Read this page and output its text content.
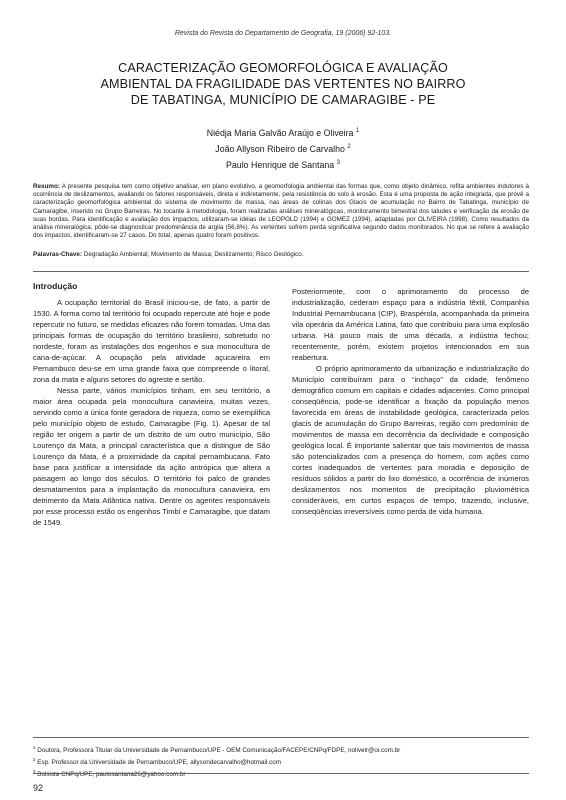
Revista do Revista do Departamento de Geografia, 19 (2006) 92-103.
CARACTERIZAÇÃO GEOMORFOLÓGICA E AVALIAÇÃO
AMBIENTAL DA FRAGILIDADE DAS VERTENTES NO BAIRRO
DE TABATINGA, MUNICÍPIO DE CAMARAGIBE - PE
Niédja Maria Galvão Araújo e Oliveira $^1$
João Allyson Ribeiro de Carvalho $^2$
Paulo Henrique de Santana $^3$
Resumo: A presente pesquisa tem como objetivo analisar, em plano evolutivo, a geomorfologia ambiental das formas que, como objeto dinâmico, refita ambientes indutores à ocorrência de deslizamentos, avaliando os fatores responsáveis, direta e indiretamente, pela resistência do solo à erosão. Esta é uma proposta de ação integrada, que provê a caracterização geomorfológica ambiental do sistema de movimento de massa, nas áreas de colinas dos Glacis de acumulação no Bairro de Tabatinga, município de Camaragibe, inserido no Grupo Barreiras. No tocante à metodologia, foram realizadas análises mineralógicas, monitoramento bimestral dos taludes e verificação da erosão de suas bordas. Para identificação e avaliação dos impactos, utilizaram-se idéias de LEOPOLD (1994) e GOMEZ (1994), adaptadas por OLIVEIRA (1998). Como resultados da análise mineralógica, pôde-se diagnosticar predominância de argila (56,8%). As vertentes sofrem perda significativa segundo dados monitorados. No que se refere à avaliação dos impactos, identificaram-se 27 casos. Do total, apenas quatro foram positivos.
Palavras-Chave: Degradação Ambiental; Movimento de Massa; Deslizamento; Risco Geológico.
Introdução

A ocupação territorial do Brasil iniciou-se, de fato, a partir de 1530. A forma como tal território foi ocupado repercute até hoje e pode repercutir no futuro, se medidas eficazes não forem tomadas. Uma das principais formas de ocupação do território brasileiro, sobretudo no nordeste, foram as instalações dos engenhos e sua monocultura de cana-de-açúcar. A ocupação pela atividade açucareira em Pernambuco deu-se em uma grande faixa que compreende o litoral, zona da mata e alguns setores do agreste e sertão.

Nessa parte, vários municípios tinham, em seu território, a maior área ocupada pela monocultura canavieira, muitas vezes, servindo como a única fonte geradora de riqueza, como se exemplifica pelo município objeto de estudo, Camaragibe (Fig. 1). Apesar de tal região ter origem a partir de um distrito de um outro município, São Lourenço da Mata, a principal característica que a distingue de São Lourenço da Mata, é a proximidade da capital pernambucana. Fato base para justificar a intensidade da ação antrópica que altera a paisagem ao longo dos séculos. O território foi palco de grandes desmatamentos para a implantação da monocultura canavieira, em detrimento da Mata Atlântica nativa. Dentre os agentes responsáveis por esse processo estão os engenhos Timbí e Camaragibe, que datam de 1549.

Posteriormente, com o aprimoramento do processo de industrialização, cederam espaço para a indústria têxtil, Companhia Industrial Pernambucana (CIP), Braspérola, acompanhada da primeira vila operária da América Latina, fato que contribuiu para uma explosão urbana. Há pouco mais de uma década, a indústria fechou; recentemente, porém, existem projetos intencionados em sua reabertura.

O próprio aprimoramento da urbanização e industrialização do Município contribuíram para o “inchaço” da cidade, fenômeno demográfico comum em capitais e cidades adjacentes. Como principal conseqüência, pode-se identificar a fixação da população menos favorecida em áreas de instabilidade geológica, caracterizada pelos glacis de acumulação do Grupo Barreiras, região com predomínio de movimentos de massa em decorrência da declividade e composição geológica local. É importante salientar que tais movimentos de massa são potencializados com a presença do homem, com ações como cortes inadequados de vertentes para moradia e deposição de resíduos sólidos a partir do lixo doméstico, a ocorrência de inúmeros deslizamentos nos momentos de precipitação pluviométrica consideráveis, em curtos espaços de tempo, trazendo, inclusive, conseqüências irreversíveis como perda de vida humana.

$^1$ Doutora, Professora Titular da Universidade de Pernambuco/UPE - OEM Comunicação/FACEPE/CNPq/FDPE, nolivelr@oi.com.br
$^2$ Esp. Professor da Universidade de Pernambuco/UPE, allysondecarvalho@hotmail.com
$^3$ Bolsista CNPq/UPE, paulosantana26@yahoo.com.br
92
